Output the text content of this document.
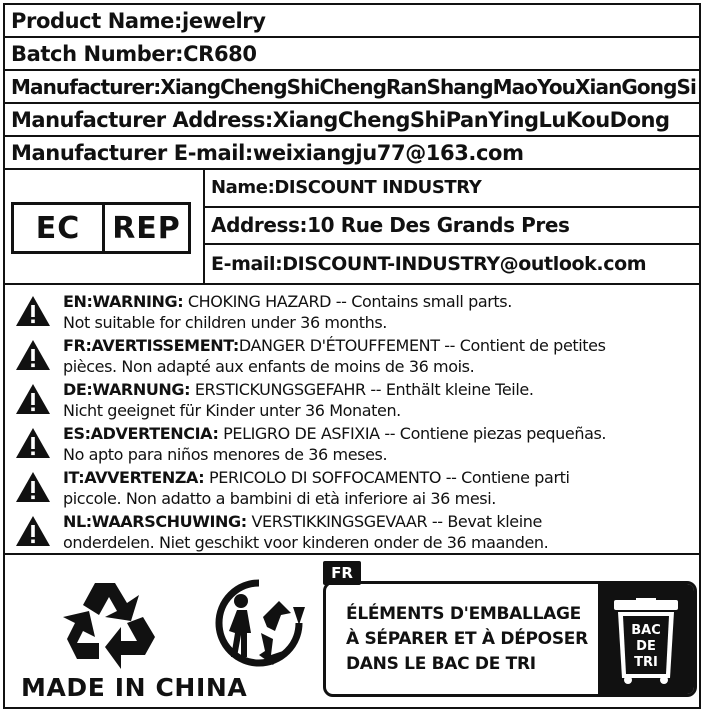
Product Name:jewelry
Batch Number:CR680
Manufacturer:XiangChengShiChengRanShangMaoYouXianGongSi
Manufacturer Address:XiangChengShiPanYingLuKouDong
Manufacturer E-mail:weixiangju77@163.com
EC	REP
Name:DISCOUNT INDUSTRY
Address:10 Rue Des Grands Pres
E-mail:DISCOUNT-INDUSTRY@outlook.com
EN:WARNING: CHOKING HAZARD -- Contains small parts.
Not suitable for children under 36 months.
FR:AVERTISSEMENT:DANGER D'ÉTOUFFEMENT -- Contient de petites
pièces. Non adapté aux enfants de moins de 36 mois.
DE:WARNUNG: ERSTICKUNGSGEFAHR -- Enthält kleine Teile.
Nicht geeignet für Kinder unter 36 Monaten.
ES:ADVERTENCIA: PELIGRO DE ASFIXIA -- Contiene piezas pequeñas.
No apto para niños menores de 36 meses.
IT:AVVERTENZA: PERICOLO DI SOFFOCAMENTO -- Contiene parti
piccole. Non adatto a bambini di età inferiore ai 36 mesi.
NL:WAARSCHUWING: VERSTIKKINGSGEVAAR -- Bevat kleine
onderdelen. Niet geschikt voor kinderen onder de 36 maanden.
MADE IN CHINA
FR
ÉLÉMENTS D'EMBALLAGE
À SÉPARER ET À DÉPOSER
DANS LE BAC DE TRI
BAC
DE
TRI
